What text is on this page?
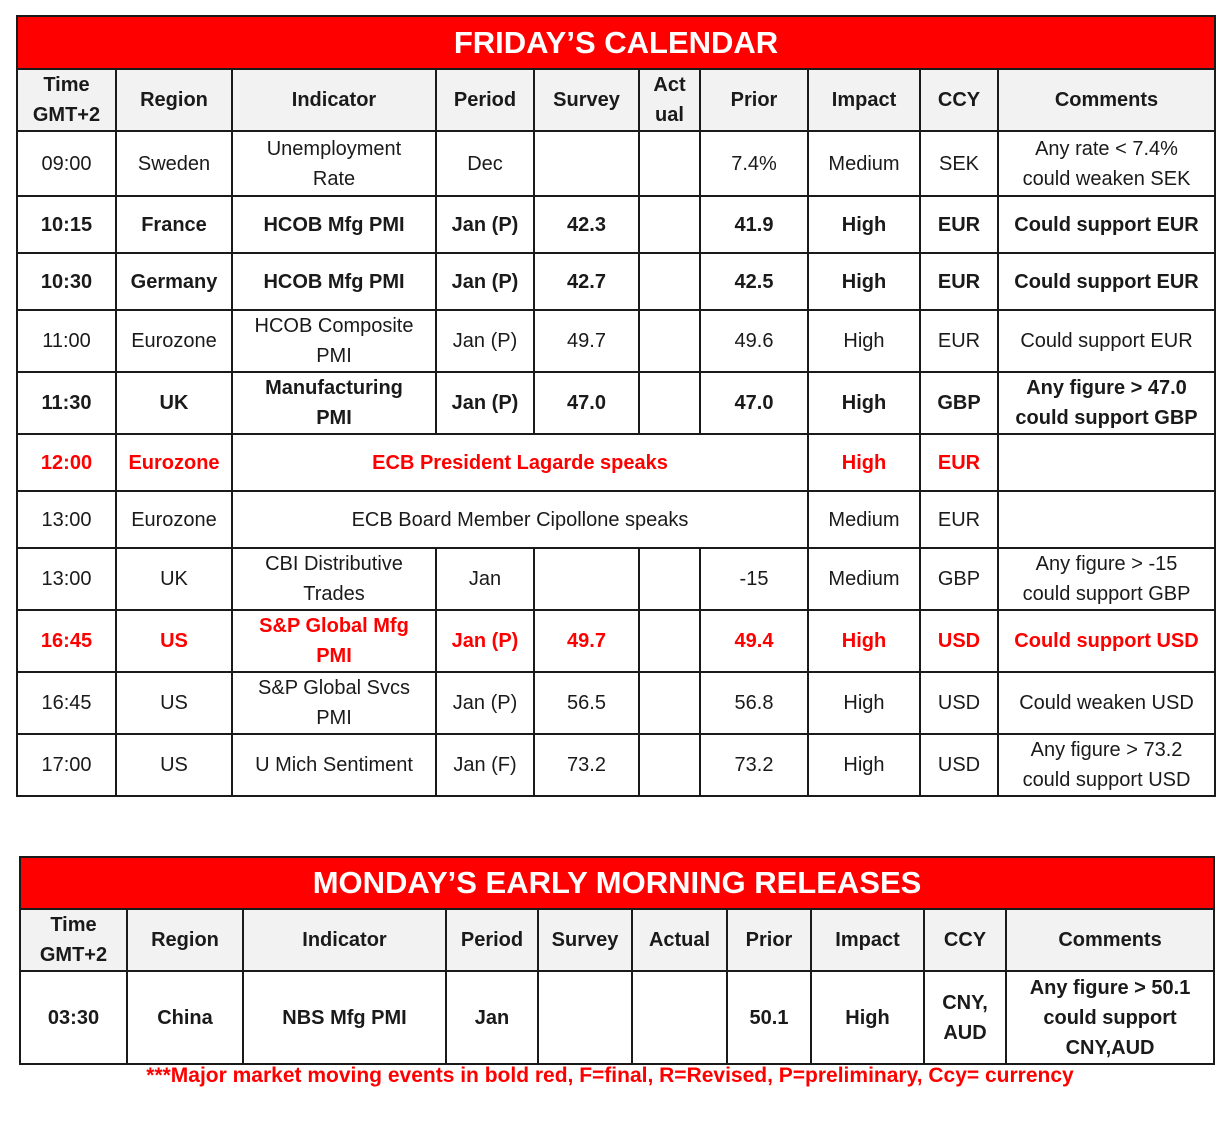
FRIDAY’S CALENDAR									
Time GMT+2	Region	Indicator	Period	Survey	Act ual	Prior	Impact	CCY	Comments
09:00	Sweden	Unemployment Rate	Dec			7.4%	Medium	SEK	Any rate < 7.4% could weaken SEK
10:15	France	HCOB Mfg PMI	Jan (P)	42.3		41.9	High	EUR	Could support EUR
10:30	Germany	HCOB Mfg PMI	Jan (P)	42.7		42.5	High	EUR	Could support EUR
11:00	Eurozone	HCOB Composite PMI	Jan (P)	49.7		49.6	High	EUR	Could support EUR
11:30	UK	Manufacturing PMI	Jan (P)	47.0		47.0	High	GBP	Any figure > 47.0 could support GBP
12:00	Eurozone	ECB President Lagarde speaks					High	EUR	
13:00	Eurozone	ECB Board Member Cipollone speaks					Medium	EUR	
13:00	UK	CBI Distributive Trades	Jan			-15	Medium	GBP	Any figure > -15 could support GBP
16:45	US	S&P Global Mfg PMI	Jan (P)	49.7		49.4	High	USD	Could support USD
16:45	US	S&P Global Svcs PMI	Jan (P)	56.5		56.8	High	USD	Could weaken USD
17:00	US	U Mich Sentiment	Jan (F)	73.2		73.2	High	USD	Any figure > 73.2 could support USD
MONDAY’S EARLY MORNING RELEASES									
Time GMT+2	Region	Indicator	Period	Survey	Actual	Prior	Impact	CCY	Comments
03:30	China	NBS Mfg PMI	Jan			50.1	High	CNY, AUD	Any figure > 50.1 could support CNY,AUD
***Major market moving events in bold red, F=final, R=Revised, P=preliminary, Ccy= currency
